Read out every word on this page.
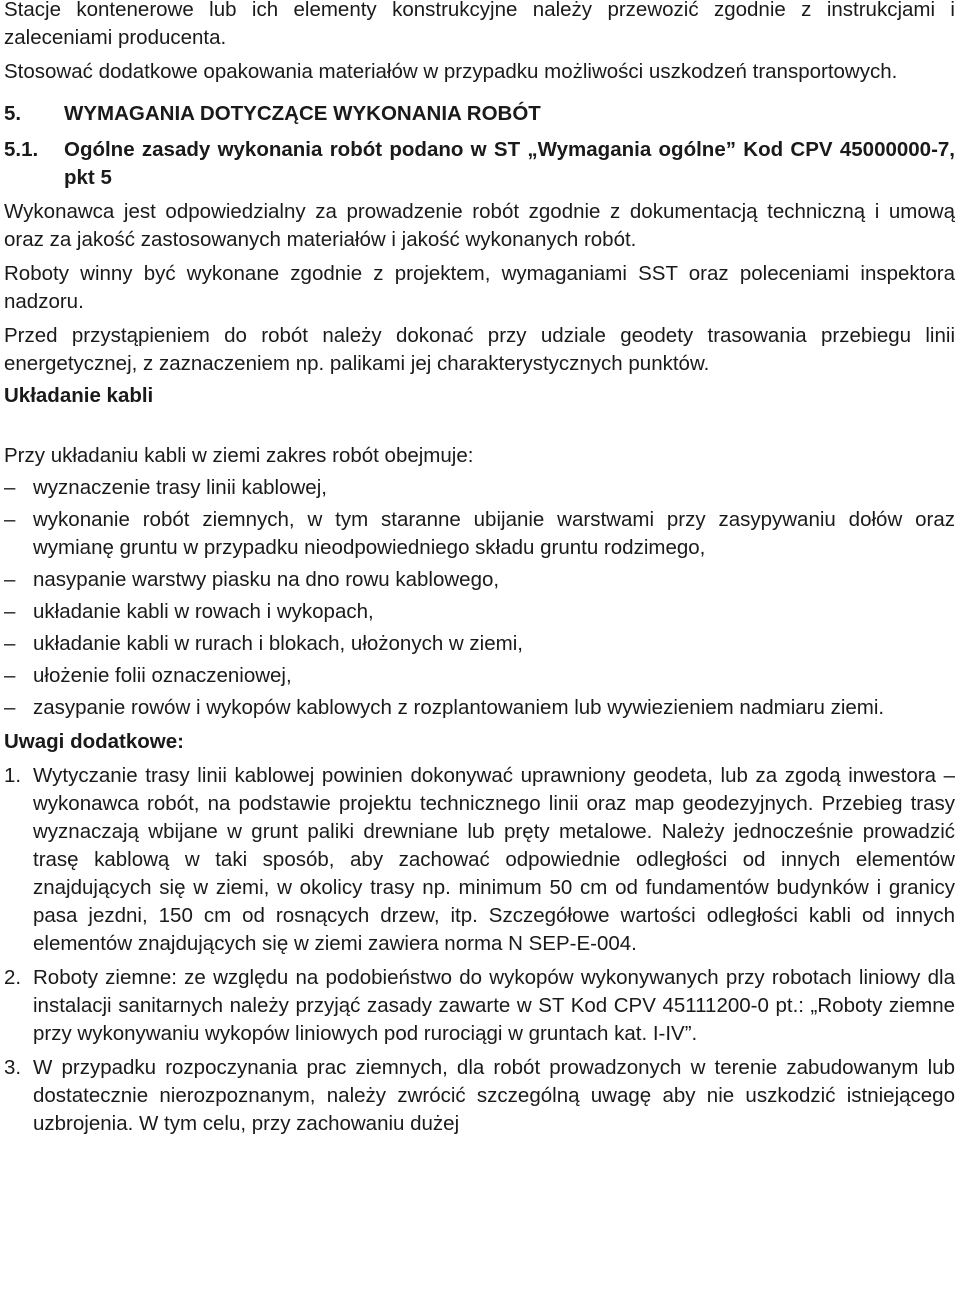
Stacje kontenerowe lub ich elementy konstrukcyjne należy przewozić zgodnie z instrukcjami i zaleceniami producenta.

Stosować dodatkowe opakowania materiałów w przypadku możliwości uszkodzeń transportowych.

5.	WYMAGANIA DOTYCZĄCE WYKONANIA ROBÓT
5.1.	Ogólne zasady wykonania robót podano w ST „Wymagania ogólne” Kod CPV 45000000-7, pkt 5

Wykonawca jest odpowiedzialny za prowadzenie robót zgodnie z dokumentacją techniczną i umową oraz za jakość zastosowanych materiałów i jakość wykonanych robót.

Roboty winny być wykonane zgodnie z projektem, wymaganiami SST oraz poleceniami inspektora nadzoru.

Przed przystąpieniem do robót należy dokonać przy udziale geodety trasowania przebiegu linii energetycznej, z zaznaczeniem np. palikami jej charakterystycznych punktów.

Układanie kabli

Przy układaniu kabli w ziemi zakres robót obejmuje:

– wyznaczenie trasy linii kablowej,
– wykonanie robót ziemnych, w tym staranne ubijanie warstwami przy zasypywaniu dołów oraz wymianę gruntu w przypadku nieodpowiedniego składu gruntu rodzimego,
– nasypanie warstwy piasku na dno rowu kablowego,
– układanie kabli w rowach i wykopach,
– układanie kabli w rurach i blokach, ułożonych w ziemi,
– ułożenie folii oznaczeniowej,
– zasypanie rowów i wykopów kablowych z rozplantowaniem lub wywiezieniem nadmiaru ziemi.

Uwagi dodatkowe:

1. Wytyczanie trasy linii kablowej powinien dokonywać uprawniony geodeta, lub za zgodą inwestora – wykonawca robót, na podstawie projektu technicznego linii oraz map geodezyjnych. Przebieg trasy wyznaczają wbijane w grunt paliki drewniane lub pręty metalowe. Należy jednocześnie prowadzić trasę kablową w taki sposób, aby zachować odpowiednie odległości od innych elementów znajdujących się w ziemi, w okolicy trasy np. minimum 50 cm od fundamentów budynków i granicy pasa jezdni, 150 cm od rosnących drzew, itp. Szczegółowe wartości odległości kabli od innych elementów znajdujących się w ziemi zawiera norma N SEP-E-004.
2. Roboty ziemne: ze względu na podobieństwo do wykopów wykonywanych przy robotach liniowy dla instalacji sanitarnych należy przyjąć zasady zawarte w ST Kod CPV 45111200-0 pt.: „Roboty ziemne przy wykonywaniu wykopów liniowych pod rurociągi w gruntach kat. I-IV”.
3. W przypadku rozpoczynania prac ziemnych, dla robót prowadzonych w terenie zabudowanym lub dostatecznie nierozpoznanym, należy zwrócić szczególną uwagę aby nie uszkodzić istniejącego uzbrojenia. W tym celu, przy zachowaniu dużej
